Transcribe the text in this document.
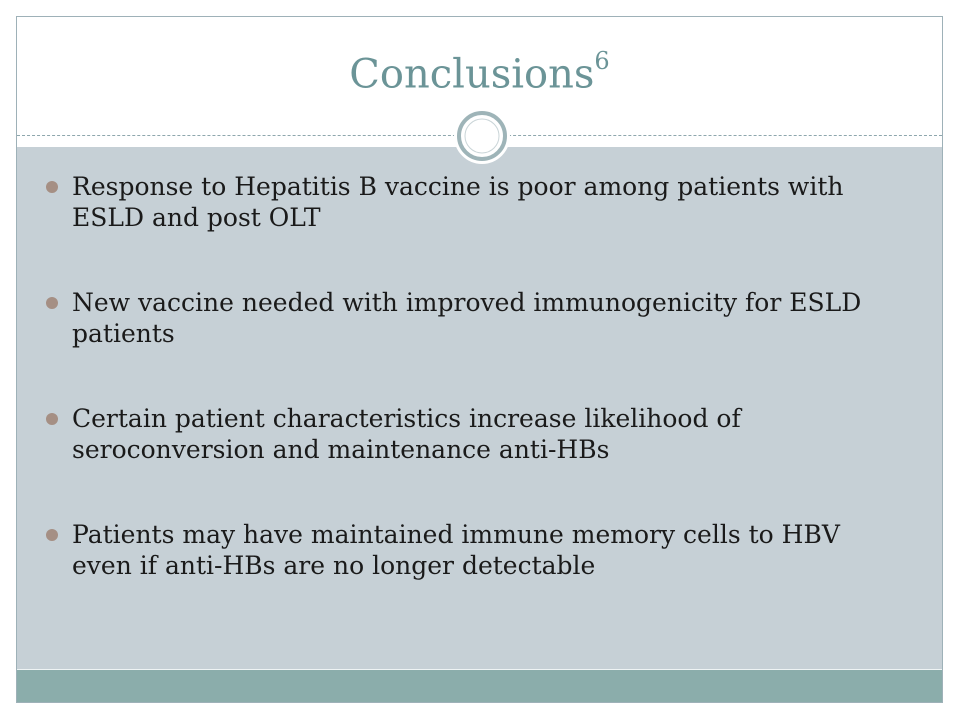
Conclusions$^6$
Response to Hepatitis B vaccine is poor among patients with ESLD and post OLT
New vaccine needed with improved immunogenicity for ESLD patients
Certain patient characteristics increase likelihood of seroconversion and maintenance anti-HBs
Patients may have maintained immune memory cells to HBV even if anti-HBs are no longer detectable
